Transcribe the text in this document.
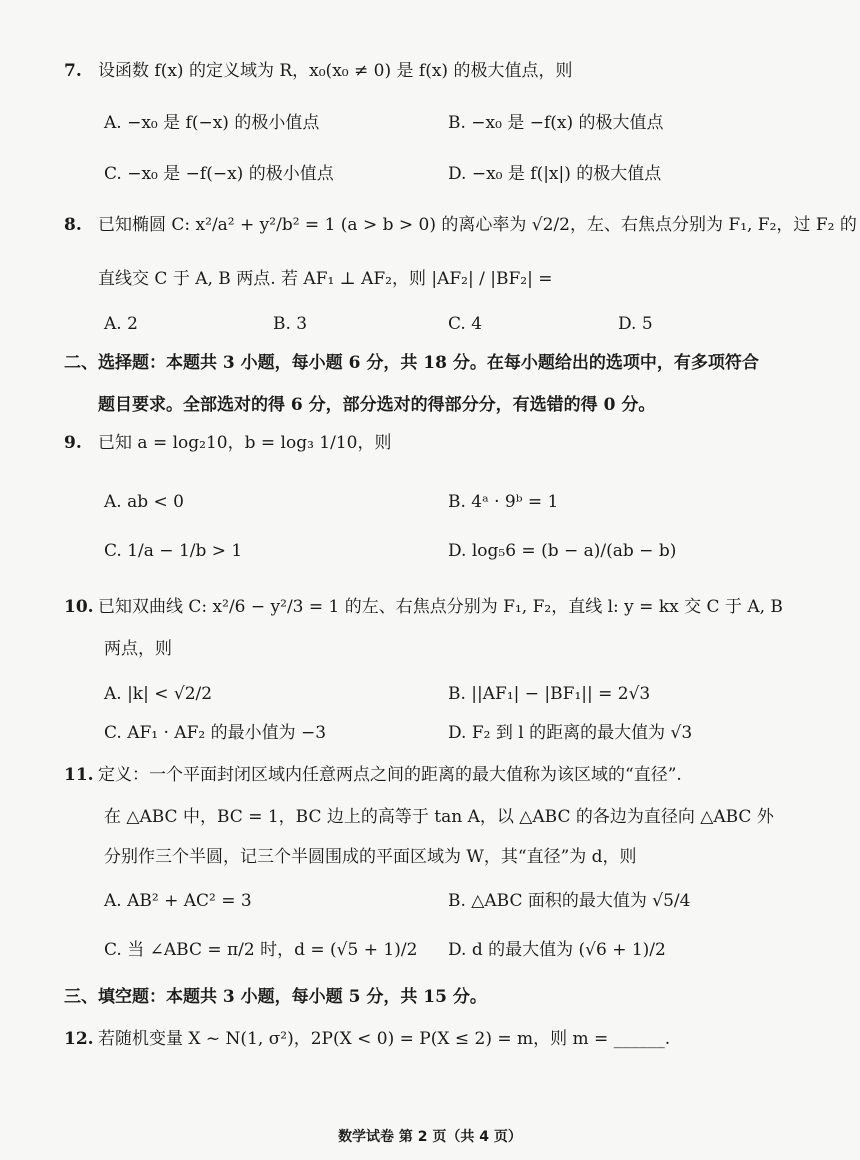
7. 设函数 f(x) 的定义域为 R，x₀(x₀ ≠ 0) 是 f(x) 的极大值点，则
A. −x₀ 是 f(−x) 的极小值点	B. −x₀ 是 −f(x) 的极大值点
C. −x₀ 是 −f(−x) 的极小值点	D. −x₀ 是 f(|x|) 的极大值点
8. 已知椭圆 C: x²/a² + y²/b² = 1 (a > b > 0) 的离心率为 √2/2，左、右焦点分别为 F₁, F₂，过 F₂ 的
直线交 C 于 A, B 两点. 若 AF₁ ⊥ AF₂，则 |AF₂| / |BF₂| =
A. 2	B. 3	C. 4	D. 5
二、选择题：本题共 3 小题，每小题 6 分，共 18 分。在每小题给出的选项中，有多项符合
题目要求。全部选对的得 6 分，部分选对的得部分分，有选错的得 0 分。
9. 已知 a = log₂10，b = log₃ 1/10，则
A. ab < 0	B. 4ᵃ · 9ᵇ = 1
C. 1/a − 1/b > 1	D. log₅6 = (b − a)/(ab − b)
10. 已知双曲线 C: x²/6 − y²/3 = 1 的左、右焦点分别为 F₁, F₂，直线 l: y = kx 交 C 于 A, B
两点，则
A. |k| < √2/2	B. ||AF₁| − |BF₁|| = 2√3
C. AF₁ · AF₂ 的最小值为 −3	D. F₂ 到 l 的距离的最大值为 √3
11. 定义：一个平面封闭区域内任意两点之间的距离的最大值称为该区域的“直径”.
在 △ABC 中，BC = 1，BC 边上的高等于 tan A，以 △ABC 的各边为直径向 △ABC 外
分别作三个半圆，记三个半圆围成的平面区域为 W，其“直径”为 d，则
A. AB² + AC² = 3	B. △ABC 面积的最大值为 √5/4
C. 当 ∠ABC = π/2 时，d = (√5 + 1)/2 D. d 的最大值为 (√6 + 1)/2
三、填空题：本题共 3 小题，每小题 5 分，共 15 分。
12. 若随机变量 X ~ N(1, σ²)，2P(X < 0) = P(X ≤ 2) = m，则 m = ______.
数学试卷 第 2 页（共 4 页）
